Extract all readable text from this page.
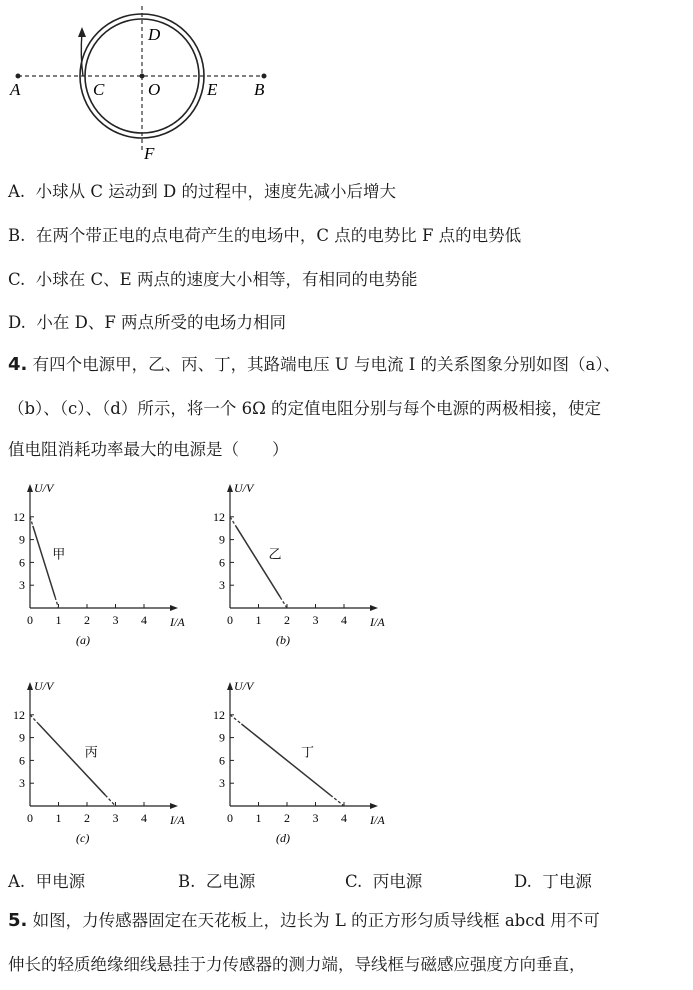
A	C	O	E B
D
F
A. 小球从 C 运动到 D 的过程中，速度先减小后增大
B. 在两个带正电的点电荷产生的电场中，C 点的电势比 F 点的电势低
C. 小球在 C、E 两点的速度大小相等，有相同的电势能
D. 小在 D、F 两点所受的电场力相同
4. 有四个电源甲，乙、丙、丁，其路端电压 U 与电流 I 的关系图象分别如图（a）、
（b）、（c）、（d）所示，将一个 6Ω 的定值电阻分别与每个电源的两极相接，使定
值电阻消耗功率最大的电源是（　　）
U/V
I/A
0 1 2 3 4
3
6
9
12
甲
(a)
U/V
I/A
0 1 2 3 4
3
6
9
12
乙
(b)
U/V
I/A
0 1 2 3 4
3
6
9
12
丙
(c)
U/V
I/A
0 1 2 3 4
3
6
9
12
丁
(d)
A. 甲电源	B. 乙电源	C. 丙电源	D. 丁电源
5. 如图，力传感器固定在天花板上，边长为 L 的正方形匀质导线框 abcd 用不可
伸长的轻质绝缘细线悬挂于力传感器的测力端，导线框与磁感应强度方向垂直，
